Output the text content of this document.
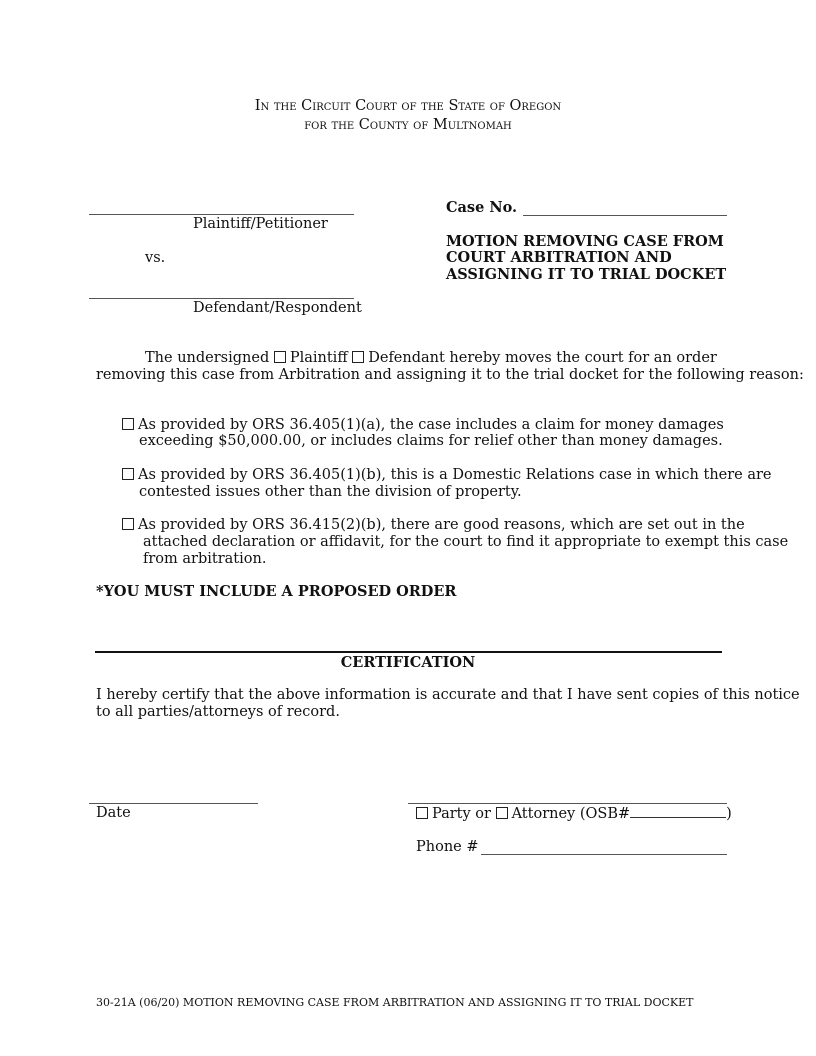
In the Circuit Court of the State of Oregon
for the County of Multnomah
Plaintiff/Petitioner
vs.
Defendant/Respondent
Case No.
MOTION REMOVING CASE FROM
COURT ARBITRATION AND
ASSIGNING IT TO TRIAL DOCKET
The undersigned Plaintiff Defendant hereby moves the court for an order
removing this case from Arbitration and assigning it to the trial docket for the following reason:
As provided by ORS 36.405(1)(a), the case includes a claim for money damages
exceeding $50,000.00, or includes claims for relief other than money damages.
As provided by ORS 36.405(1)(b), this is a Domestic Relations case in which there are
contested issues other than the division of property.
As provided by ORS 36.415(2)(b), there are good reasons, which are set out in the
attached declaration or affidavit, for the court to find it appropriate to exempt this case
from arbitration.
*YOU MUST INCLUDE A PROPOSED ORDER
CERTIFICATION
I hereby certify that the above information is accurate and that I have sent copies of this notice
to all parties/attorneys of record.
Date	Party or Attorney (OSB#	)
Phone #
30-21A (06/20) MOTION REMOVING CASE FROM ARBITRATION AND ASSIGNING IT TO TRIAL DOCKET
